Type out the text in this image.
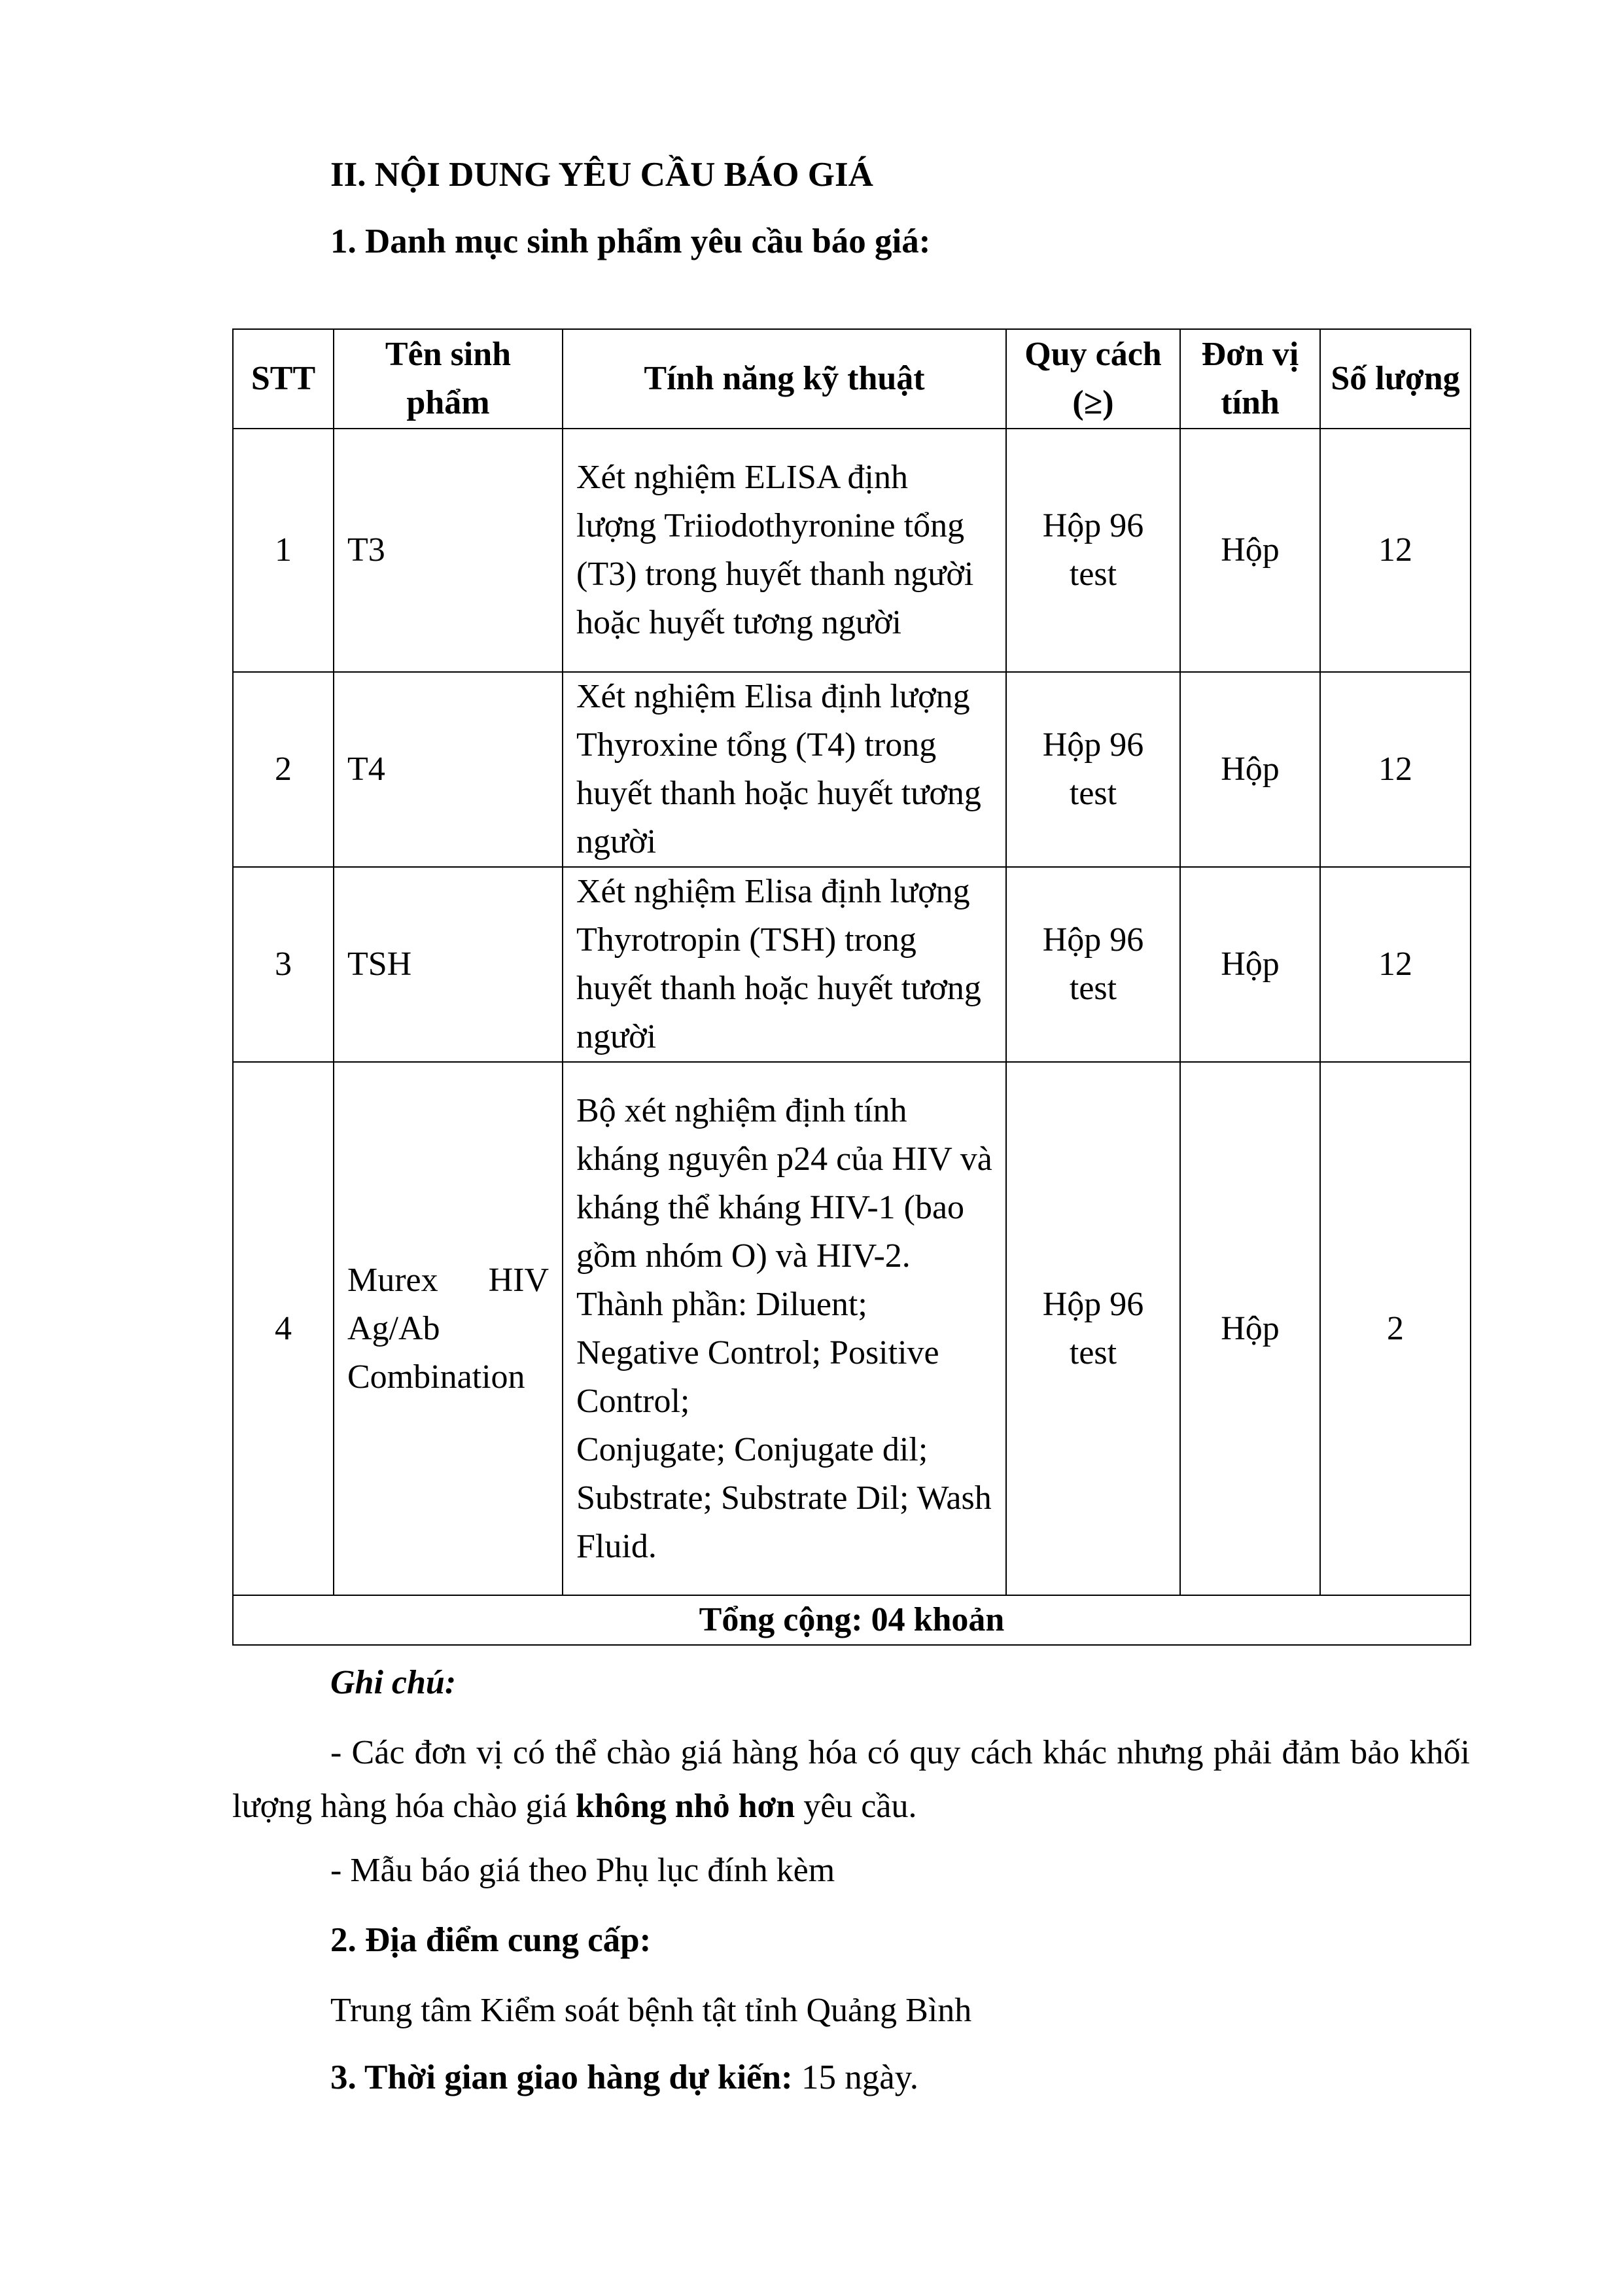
II. NỘI DUNG YÊU CẦU BÁO GIÁ
1. Danh mục sinh phẩm yêu cầu báo giá:
STT	Tên sinh phẩm	Tính năng kỹ thuật	Quy cách (≥)	Đơn vị tính	Số lượng
1	T3	Xét nghiệm ELISA định lượng Triiodothyronine tổng (T3) trong huyết thanh người hoặc huyết tương người	Hộp 96 test	Hộp	12
2	T4	Xét nghiệm Elisa định lượng Thyroxine tổng (T4) trong huyết thanh hoặc huyết tương người	Hộp 96 test	Hộp	12
3	TSH	Xét nghiệm Elisa định lượng Thyrotropin (TSH) trong huyết thanh hoặc huyết tương người	Hộp 96 test	Hộp	12
4	Murex HIV Ag/Ab Combination	Bộ xét nghiệm định tính kháng nguyên p24 của HIV và kháng thể kháng HIV-1 (bao gồm nhóm O) và HIV-2.
Thành phần: Diluent; Negative Control; Positive Control;
Conjugate; Conjugate dil; Substrate; Substrate Dil; Wash Fluid.	Hộp 96 test	Hộp	2
Tổng cộng: 04 khoản					
Ghi chú:
- Các đơn vị có thể chào giá hàng hóa có quy cách khác nhưng phải đảm bảo khối lượng hàng hóa chào giá không nhỏ hơn yêu cầu.
- Mẫu báo giá theo Phụ lục đính kèm
2. Địa điểm cung cấp:
Trung tâm Kiểm soát bệnh tật tỉnh Quảng Bình
3. Thời gian giao hàng dự kiến: 15 ngày.
